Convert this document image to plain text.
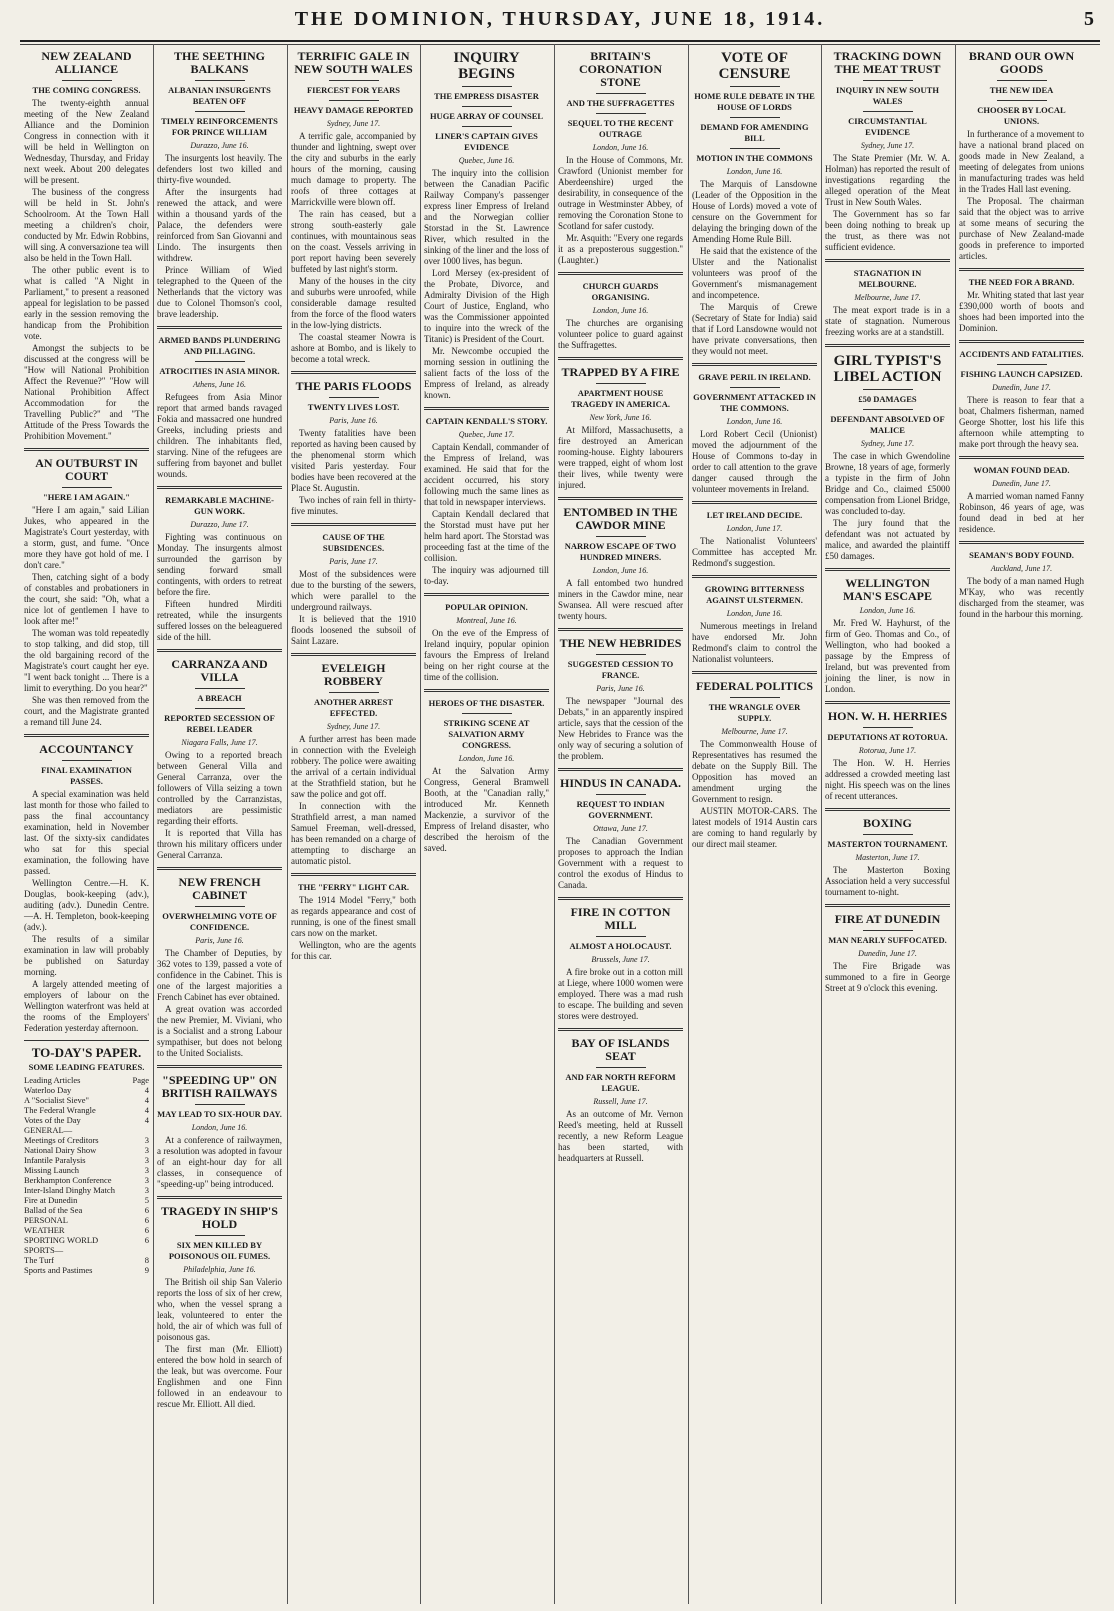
THE DOMINION, THURSDAY, JUNE 18, 1914.	5
NEW ZEALAND ALLIANCE
THE COMING CONGRESS.

The twenty-eighth annual meeting of the New Zealand Alliance and the Dominion Congress in connection with it will be held in Wellington on Wednesday, Thursday, and Friday next week. About 200 delegates will be present.

The business of the congress will be held in St. John's Schoolroom. At the Town Hall meeting a children's choir, conducted by Mr. Edwin Robbins, will sing. A conversazione tea will also be held in the Town Hall.

The other public event is to what is called "A Night in Parliament," to present a reasoned appeal for legislation to be passed early in the session removing the handicap from the Prohibition vote.

Amongst the subjects to be discussed at the congress will be "How will National Prohibition Affect the Revenue?" "How will National Prohibition Affect Accommodation for the Travelling Public?" and "The Attitude of the Press Towards the Prohibition Movement."

AN OUTBURST IN COURT
"HERE I AM AGAIN."

"Here I am again," said Lilian Jukes, who appeared in the Magistrate's Court yesterday, with a storm, gust, and fume. "Once more they have got hold of me. I don't care."

Then, catching sight of a body of constables and probationers in the court, she said: "Oh, what a nice lot of gentlemen I have to look after me!"

The woman was told repeatedly to stop talking, and did stop, till the old bargaining record of the Magistrate's court caught her eye. "I went back tonight ... There is a limit to everything. Do you hear?"

She was then removed from the court, and the Magistrate granted a remand till June 24.

ACCOUNTANCY
FINAL EXAMINATION PASSES.

A special examination was held last month for those who failed to pass the final accountancy examination, held in November last. Of the sixty-six candidates who sat for this special examination, the following have passed.

Wellington Centre.—H. K. Douglas, book-keeping (adv.), auditing (adv.). Dunedin Centre.—A. H. Templeton, book-keeping (adv.).

The results of a similar examination in law will probably be published on Saturday morning.

A largely attended meeting of employers of labour on the Wellington waterfront was held at the rooms of the Employers' Federation yesterday afternoon.

TO-DAY'S PAPER.
SOME LEADING FEATURES.
Leading Articles	Page
Waterloo Day	4
A "Socialist Sieve"	4
The Federal Wrangle	4
Votes of the Day	4
GENERAL—
Meetings of Creditors	3
National Dairy Show	3
Infantile Paralysis	3
Missing Launch	3
Berkhampton Conference	3
Inter-Island Dinghy Match	3
Fire at Dunedin	5
Ballad of the Sea	6
PERSONAL	6
WEATHER	6
SPORTING WORLD	6
SPORTS—
The Turf	8
Sports and Pastimes	9
THE SEETHING BALKANS
ALBANIAN INSURGENTS BEATEN OFF
TIMELY REINFORCEMENTS FOR PRINCE WILLIAM
Durazzo, June 16.

The insurgents lost heavily. The defenders lost two killed and thirty-five wounded.

After the insurgents had renewed the attack, and were within a thousand yards of the Palace, the defenders were reinforced from San Giovanni and Lindo. The insurgents then withdrew.

Prince William of Wied telegraphed to the Queen of the Netherlands that the victory was due to Colonel Thomson's cool, brave leadership.

ARMED BANDS PLUNDERING AND PILLAGING.
ATROCITIES IN ASIA MINOR.
Athens, June 16.

Refugees from Asia Minor report that armed bands ravaged Fokia and massacred one hundred Greeks, including priests and children. The inhabitants fled, starving. Nine of the refugees are suffering from bayonet and bullet wounds.

REMARKABLE MACHINE-GUN WORK.
Durazzo, June 17.

Fighting was continuous on Monday. The insurgents almost surrounded the garrison by sending forward small contingents, with orders to retreat before the fire.

Fifteen hundred Mirditi retreated, while the insurgents suffered losses on the beleaguered side of the hill.

CARRANZA AND VILLA
A BREACH
REPORTED SECESSION OF REBEL LEADER
Niagara Falls, June 17.

Owing to a reported breach between General Villa and General Carranza, over the followers of Villa seizing a town controlled by the Carranzistas, mediators are pessimistic regarding their efforts.

It is reported that Villa has thrown his military officers under General Carranza.

NEW FRENCH CABINET
OVERWHELMING VOTE OF CONFIDENCE.
Paris, June 16.

The Chamber of Deputies, by 362 votes to 139, passed a vote of confidence in the Cabinet. This is one of the largest majorities a French Cabinet has ever obtained.

A great ovation was accorded the new Premier, M. Viviani, who is a Socialist and a strong Labour sympathiser, but does not belong to the United Socialists.

"SPEEDING UP" ON BRITISH RAILWAYS
MAY LEAD TO SIX-HOUR DAY.
London, June 16.

At a conference of railwaymen, a resolution was adopted in favour of an eight-hour day for all classes, in consequence of "speeding-up" being introduced.

TRAGEDY IN SHIP'S HOLD
SIX MEN KILLED BY POISONOUS OIL FUMES.
Philadelphia, June 16.

The British oil ship San Valerio reports the loss of six of her crew, who, when the vessel sprang a leak, volunteered to enter the hold, the air of which was full of poisonous gas.

The first man (Mr. Elliott) entered the bow hold in search of the leak, but was overcome. Four Englishmen and one Finn followed in an endeavour to rescue Mr. Elliott. All died.

TERRIFIC GALE IN NEW SOUTH WALES
FIERCEST FOR YEARS
HEAVY DAMAGE REPORTED
Sydney, June 17.

A terrific gale, accompanied by thunder and lightning, swept over the city and suburbs in the early hours of the morning, causing much damage to property. The roofs of three cottages at Marrickville were blown off.

The rain has ceased, but a strong south-easterly gale continues, with mountainous seas on the coast. Vessels arriving in port report having been severely buffeted by last night's storm.

Many of the houses in the city and suburbs were unroofed, while considerable damage resulted from the force of the flood waters in the low-lying districts.

The coastal steamer Nowra is ashore at Bombo, and is likely to become a total wreck.

THE PARIS FLOODS
TWENTY LIVES LOST.
Paris, June 16.

Twenty fatalities have been reported as having been caused by the phenomenal storm which visited Paris yesterday. Four bodies have been recovered at the Place St. Augustin.

Two inches of rain fell in thirty-five minutes.

CAUSE OF THE SUBSIDENCES.
Paris, June 17.

Most of the subsidences were due to the bursting of the sewers, which were parallel to the underground railways.

It is believed that the 1910 floods loosened the subsoil of Saint Lazare.

EVELEIGH ROBBERY
ANOTHER ARREST EFFECTED.
Sydney, June 17.

A further arrest has been made in connection with the Eveleigh robbery. The police were awaiting the arrival of a certain individual at the Strathfield station, but he saw the police and got off.

In connection with the Strathfield arrest, a man named Samuel Freeman, well-dressed, has been remanded on a charge of attempting to discharge an automatic pistol.

THE "FERRY" LIGHT CAR.

The 1914 Model "Ferry," both as regards appearance and cost of running, is one of the finest small cars now on the market.

Wellington, who are the agents for this car.

INQUIRY BEGINS
THE EMPRESS DISASTER
HUGE ARRAY OF COUNSEL
LINER'S CAPTAIN GIVES EVIDENCE
Quebec, June 16.

The inquiry into the collision between the Canadian Pacific Railway Company's passenger express liner Empress of Ireland and the Norwegian collier Storstad in the St. Lawrence River, which resulted in the sinking of the liner and the loss of over 1000 lives, has begun.

Lord Mersey (ex-president of the Probate, Divorce, and Admiralty Division of the High Court of Justice, England, who was the Commissioner appointed to inquire into the wreck of the Titanic) is President of the Court.

Mr. Newcombe occupied the morning session in outlining the salient facts of the loss of the Empress of Ireland, as already known.

CAPTAIN KENDALL'S STORY.
Quebec, June 17.

Captain Kendall, commander of the Empress of Ireland, was examined. He said that for the accident occurred, his story following much the same lines as that told in newspaper interviews.

Captain Kendall declared that the Storstad must have put her helm hard aport. The Storstad was proceeding fast at the time of the collision.

The inquiry was adjourned till to-day.

POPULAR OPINION.
Montreal, June 16.

On the eve of the Empress of Ireland inquiry, popular opinion favours the Empress of Ireland being on her right course at the time of the collision.

HEROES OF THE DISASTER.
STRIKING SCENE AT SALVATION ARMY CONGRESS.
London, June 16.

At the Salvation Army Congress, General Bramwell Booth, at the "Canadian rally," introduced Mr. Kenneth Mackenzie, a survivor of the Empress of Ireland disaster, who described the heroism of the saved.

BRITAIN'S CORONATION STONE
AND THE SUFFRAGETTES
SEQUEL TO THE RECENT OUTRAGE
London, June 16.

In the House of Commons, Mr. Crawford (Unionist member for Aberdeenshire) urged the desirability, in consequence of the outrage in Westminster Abbey, of removing the Coronation Stone to Scotland for safer custody.

Mr. Asquith: "Every one regards it as a preposterous suggestion." (Laughter.)

CHURCH GUARDS ORGANISING.
London, June 16.

The churches are organising volunteer police to guard against the Suffragettes.

TRAPPED BY A FIRE
APARTMENT HOUSE TRAGEDY IN AMERICA.
New York, June 16.

At Milford, Massachusetts, a fire destroyed an American rooming-house. Eighty labourers were trapped, eight of whom lost their lives, while twenty were injured.

ENTOMBED IN THE CAWDOR MINE
NARROW ESCAPE OF TWO HUNDRED MINERS.
London, June 16.

A fall entombed two hundred miners in the Cawdor mine, near Swansea. All were rescued after twenty hours.

THE NEW HEBRIDES
SUGGESTED CESSION TO FRANCE.
Paris, June 16.

The newspaper "Journal des Debats," in an apparently inspired article, says that the cession of the New Hebrides to France was the only way of securing a solution of the problem.

HINDUS IN CANADA.
REQUEST TO INDIAN GOVERNMENT.
Ottawa, June 17.

The Canadian Government proposes to approach the Indian Government with a request to control the exodus of Hindus to Canada.

FIRE IN COTTON MILL
ALMOST A HOLOCAUST.
Brussels, June 17.

A fire broke out in a cotton mill at Liege, where 1000 women were employed. There was a mad rush to escape. The building and seven stores were destroyed.

BAY OF ISLANDS SEAT
AND FAR NORTH REFORM LEAGUE.
Russell, June 17.

As an outcome of Mr. Vernon Reed's meeting, held at Russell recently, a new Reform League has been started, with headquarters at Russell.

VOTE OF CENSURE
HOME RULE DEBATE IN THE HOUSE OF LORDS
DEMAND FOR AMENDING BILL
MOTION IN THE COMMONS
London, June 16.

The Marquis of Lansdowne (Leader of the Opposition in the House of Lords) moved a vote of censure on the Government for delaying the bringing down of the Amending Home Rule Bill.

He said that the existence of the Ulster and the Nationalist volunteers was proof of the Government's mismanagement and incompetence.

The Marquis of Crewe (Secretary of State for India) said that if Lord Lansdowne would not have private conversations, then they would not meet.

GRAVE PERIL IN IRELAND.
GOVERNMENT ATTACKED IN THE COMMONS.
London, June 16.

Lord Robert Cecil (Unionist) moved the adjournment of the House of Commons to-day in order to call attention to the grave danger caused through the volunteer movements in Ireland.

LET IRELAND DECIDE.
London, June 17.

The Nationalist Volunteers' Committee has accepted Mr. Redmond's suggestion.

GROWING BITTERNESS AGAINST ULSTERMEN.
London, June 16.

Numerous meetings in Ireland have endorsed Mr. John Redmond's claim to control the Nationalist volunteers.

FEDERAL POLITICS
THE WRANGLE OVER SUPPLY.
Melbourne, June 17.

The Commonwealth House of Representatives has resumed the debate on the Supply Bill. The Opposition has moved an amendment urging the Government to resign.

AUSTIN MOTOR-CARS. The latest models of 1914 Austin cars are coming to hand regularly by our direct mail steamer.

TRACKING DOWN THE MEAT TRUST
INQUIRY IN NEW SOUTH WALES
CIRCUMSTANTIAL EVIDENCE
Sydney, June 17.

The State Premier (Mr. W. A. Holman) has reported the result of investigations regarding the alleged operation of the Meat Trust in New South Wales.

The Government has so far been doing nothing to break up the trust, as there was not sufficient evidence.

STAGNATION IN MELBOURNE.
Melbourne, June 17.

The meat export trade is in a state of stagnation. Numerous freezing works are at a standstill.

GIRL TYPIST'S LIBEL ACTION
£50 DAMAGES
DEFENDANT ABSOLVED OF MALICE
Sydney, June 17.

The case in which Gwendoline Browne, 18 years of age, formerly a typiste in the firm of John Bridge and Co., claimed £5000 compensation from Lionel Bridge, was concluded to-day.

The jury found that the defendant was not actuated by malice, and awarded the plaintiff £50 damages.

WELLINGTON MAN'S ESCAPE
London, June 16.

Mr. Fred W. Hayhurst, of the firm of Geo. Thomas and Co., of Wellington, who had booked a passage by the Empress of Ireland, but was prevented from joining the liner, is now in London.

HON. W. H. HERRIES
DEPUTATIONS AT ROTORUA.
Rotorua, June 17.

The Hon. W. H. Herries addressed a crowded meeting last night. His speech was on the lines of recent utterances.

BOXING
MASTERTON TOURNAMENT.
Masterton, June 17.

The Masterton Boxing Association held a very successful tournament to-night.

FIRE AT DUNEDIN
MAN NEARLY SUFFOCATED.
Dunedin, June 17.

The Fire Brigade was summoned to a fire in George Street at 9 o'clock this evening.

BRAND OUR OWN GOODS
THE NEW IDEA
CHOOSER BY LOCAL UNIONS.

In furtherance of a movement to have a national brand placed on goods made in New Zealand, a meeting of delegates from unions in manufacturing trades was held in the Trades Hall last evening.

The Proposal. The chairman said that the object was to arrive at some means of securing the purchase of New Zealand-made goods in preference to imported articles.

THE NEED FOR A BRAND.

Mr. Whiting stated that last year £390,000 worth of boots and shoes had been imported into the Dominion.

ACCIDENTS AND FATALITIES.
FISHING LAUNCH CAPSIZED.
Dunedin, June 17.

There is reason to fear that a boat, Chalmers fisherman, named George Shotter, lost his life this afternoon while attempting to make port through the heavy sea.

WOMAN FOUND DEAD.
Dunedin, June 17.

A married woman named Fanny Robinson, 46 years of age, was found dead in bed at her residence.

SEAMAN'S BODY FOUND.
Auckland, June 17.

The body of a man named Hugh M'Kay, who was recently discharged from the steamer, was found in the harbour this morning.
